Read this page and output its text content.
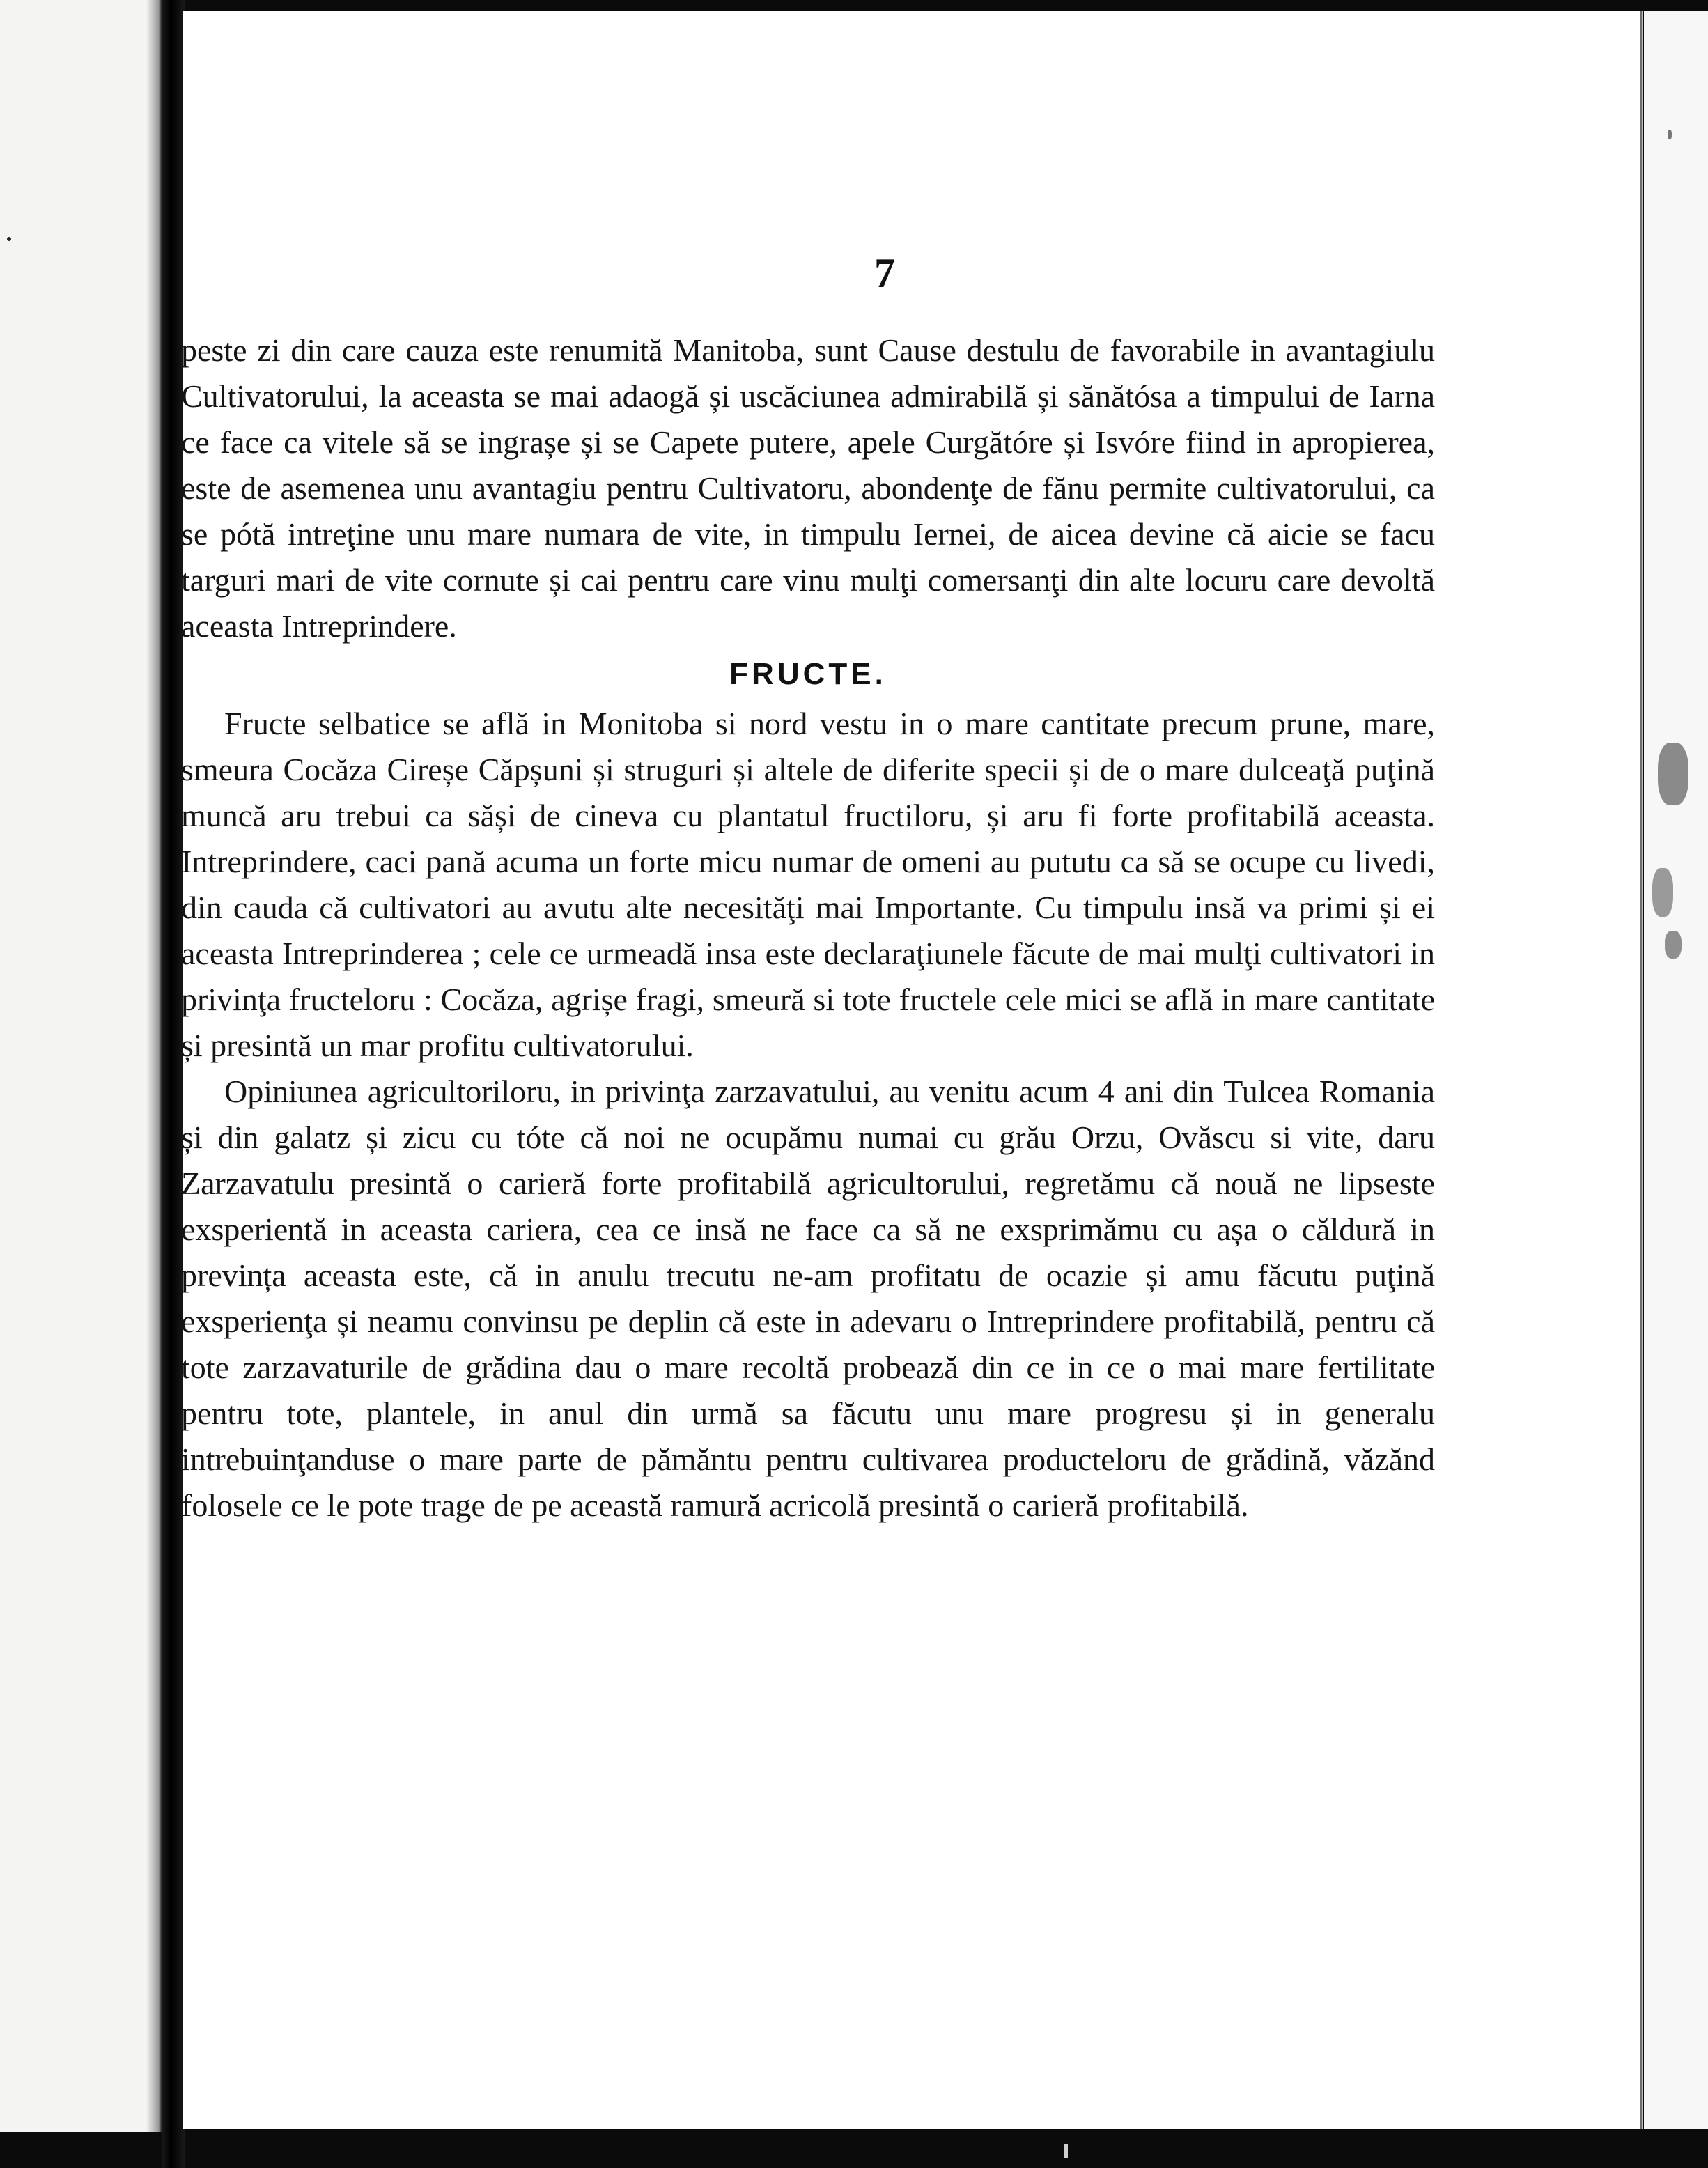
7

peste zi din care cauza este renumită Manitoba, sunt Cause destulu de favorabile in avantagiulu Cultivatorului, la aceasta se mai adaogă și uscăciunea admirabilă și sănătósa a timpului de Iarna ce face ca vitele să se ingrașe și se Capete putere, apele Curgătóre și Isvóre fiind in apropierea, este de asemenea unu avantagiu pentru Cultivatoru, abondenţe de fănu permite cultivatorului, ca se pótă intreţine unu mare numara de vite, in timpulu Iernei, de aicea devine că aicie se facu targuri mari de vite cornute și cai pentru care vinu mulţi comersanţi din alte locuru care devoltă aceasta Intreprindere.

FRUCTE.

Fructe selbatice se află in Monitoba si nord vestu in o mare cantitate precum prune, mare, smeura Cocăza Cireșe Căpșuni și struguri și altele de diferite specii și de o mare dulceaţă puţină muncă aru trebui ca săși de cineva cu plantatul fructiloru, și aru fi forte profitabilă aceasta. Intreprindere, caci pană acuma un forte micu numar de omeni au pututu ca să se ocupe cu livedi, din cauda că cultivatori au avutu alte necesităţi mai Importante. Cu timpulu insă va primi și ei aceasta Intreprinderea ; cele ce urmeadă insa este declaraţiunele făcute de mai mulţi cultivatori in privinţa fructeloru : Cocăza, agrișe fragi, smeură si tote fructele cele mici se află in mare cantitate și presintă un mar profitu cultivatorului.

Opiniunea agricultoriloru, in privinţa zarzavatului, au venitu acum 4 ani din Tulcea Romania și din galatz și zicu cu tóte că noi ne ocupămu numai cu grău Orzu, Ovăscu si vite, daru Zarzavatulu presintă o carieră forte profitabilă agricultorului, regretămu că nouă ne lipseste exsperientă in aceasta cariera, cea ce insă ne face ca să ne exsprimămu cu așa o căldură in prevința aceasta este, că in anulu trecutu ne-am profitatu de ocazie și amu făcutu puţină exsperienţa și neamu convinsu pe deplin că este in adevaru o Intreprindere profitabilă, pentru că tote zarzavaturile de grădina dau o mare recoltă probează din ce in ce o mai mare fertilitate pentru tote, plantele, in anul din urmă sa făcutu unu mare progresu și in generalu intrebuinţanduse o mare parte de pămăntu pentru cultivarea producteloru de grădină, văzănd folosele ce le pote trage de pe această ramură acricolă presintă o carieră profitabilă.
